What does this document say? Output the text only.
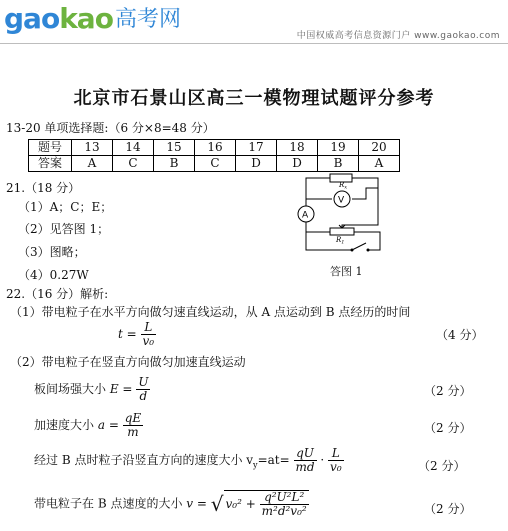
gaokao高考网
中国权威高考信息资源门户 www.gaokao.com
北京市石景山区高三一模物理试题评分参考
13-20 单项选择题:（6 分×8=48 分）
题号	13	14	15	16	17	18	19	20
答案	A	C	B	C	D	D	B	A
21.（18 分）
（1）A；C；E；
（2）见答图 1；
（3）图略；
（4）0.27W
$R_x$
V
A
$R_1$
答图 1
22.（16 分）解析:
（1）带电粒子在水平方向做匀速直线运动，从 A 点运动到 B 点经历的时间
$t = \frac{L}{\text{v₀}}$	（4 分）
（2）带电粒子在竖直方向做匀加速直线运动
板间场强大小 $E = \frac{U}{d}$	（2 分）
加速度大小 $a = \frac{qE}{m}$	（2 分）
经过 B 点时粒子沿竖直方向的速度大小 $v_y=at= \frac{qU}{md} \cdot \frac{L}{\text{v₀}}$	（2 分）
带电粒子在 B 点速度的大小 v = √ $v_0^2 + \frac{\text{q²U²L²}}{\text{m²d²v₀²}}$	（2 分）
